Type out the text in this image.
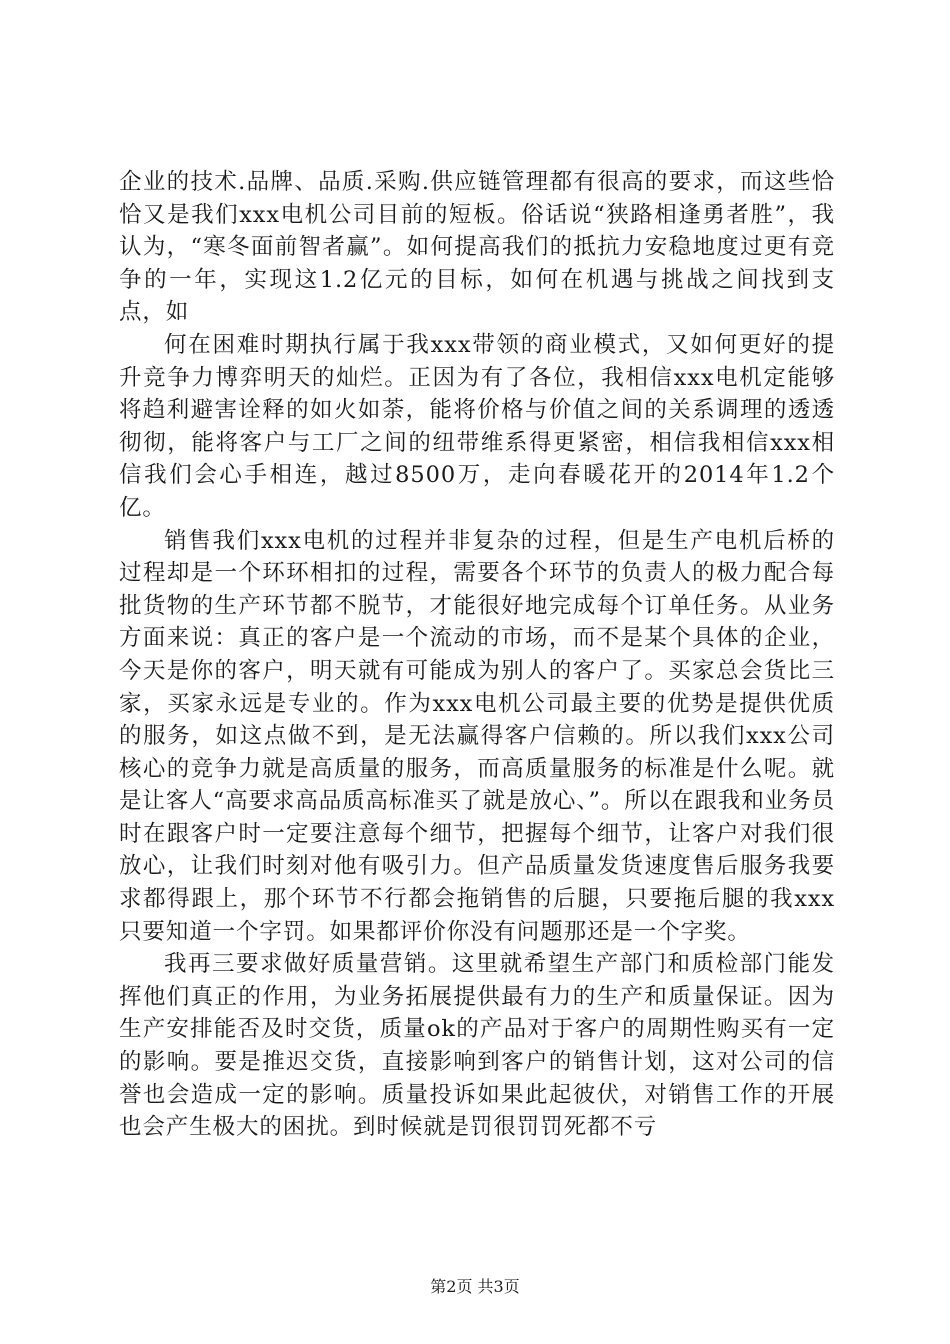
企业的技术.品牌、品质.采购.供应链管理都有很高的要求，而这些恰恰又是我们xxx电机公司目前的短板。俗话说“狭路相逢勇者胜”，我认为，“寒冬面前智者赢”。如何提高我们的抵抗力安稳地度过更有竞争的一年，实现这1.2亿元的目标，如何在机遇与挑战之间找到支点，如

何在困难时期执行属于我xxx带领的商业模式，又如何更好的提升竞争力博弈明天的灿烂。正因为有了各位，我相信xxx电机定能够将趋利避害诠释的如火如荼，能将价格与价值之间的关系调理的透透彻彻，能将客户与工厂之间的纽带维系得更紧密，相信我相信xxx相信我们会心手相连，越过8500万，走向春暖花开的2014年1.2个亿。

销售我们xxx电机的过程并非复杂的过程，但是生产电机后桥的过程却是一个环环相扣的过程，需要各个环节的负责人的极力配合每批货物的生产环节都不脱节，才能很好地完成每个订单任务。从业务方面来说：真正的客户是一个流动的市场，而不是某个具体的企业，今天是你的客户，明天就有可能成为别人的客户了。买家总会货比三家，买家永远是专业的。作为xxx电机公司最主要的优势是提供优质的服务，如这点做不到，是无法赢得客户信赖的。所以我们xxx公司核心的竞争力就是高质量的服务，而高质量服务的标准是什么呢。就是让客人“高要求高品质高标准买了就是放心、”。所以在跟我和业务员时在跟客户时一定要注意每个细节，把握每个细节，让客户对我们很放心，让我们时刻对他有吸引力。但产品质量发货速度售后服务我要求都得跟上，那个环节不行都会拖销售的后腿，只要拖后腿的我xxx只要知道一个字罚。如果都评价你没有问题那还是一个字奖。

我再三要求做好质量营销。这里就希望生产部门和质检部门能发挥他们真正的作用，为业务拓展提供最有力的生产和质量保证。因为生产安排能否及时交货，质量ok的产品对于客户的周期性购买有一定的影响。要是推迟交货，直接影响到客户的销售计划，这对公司的信誉也会造成一定的影响。质量投诉如果此起彼伏，对销售工作的开展也会产生极大的困扰。到时候就是罚很罚罚死都不亏

第2页 共3页
